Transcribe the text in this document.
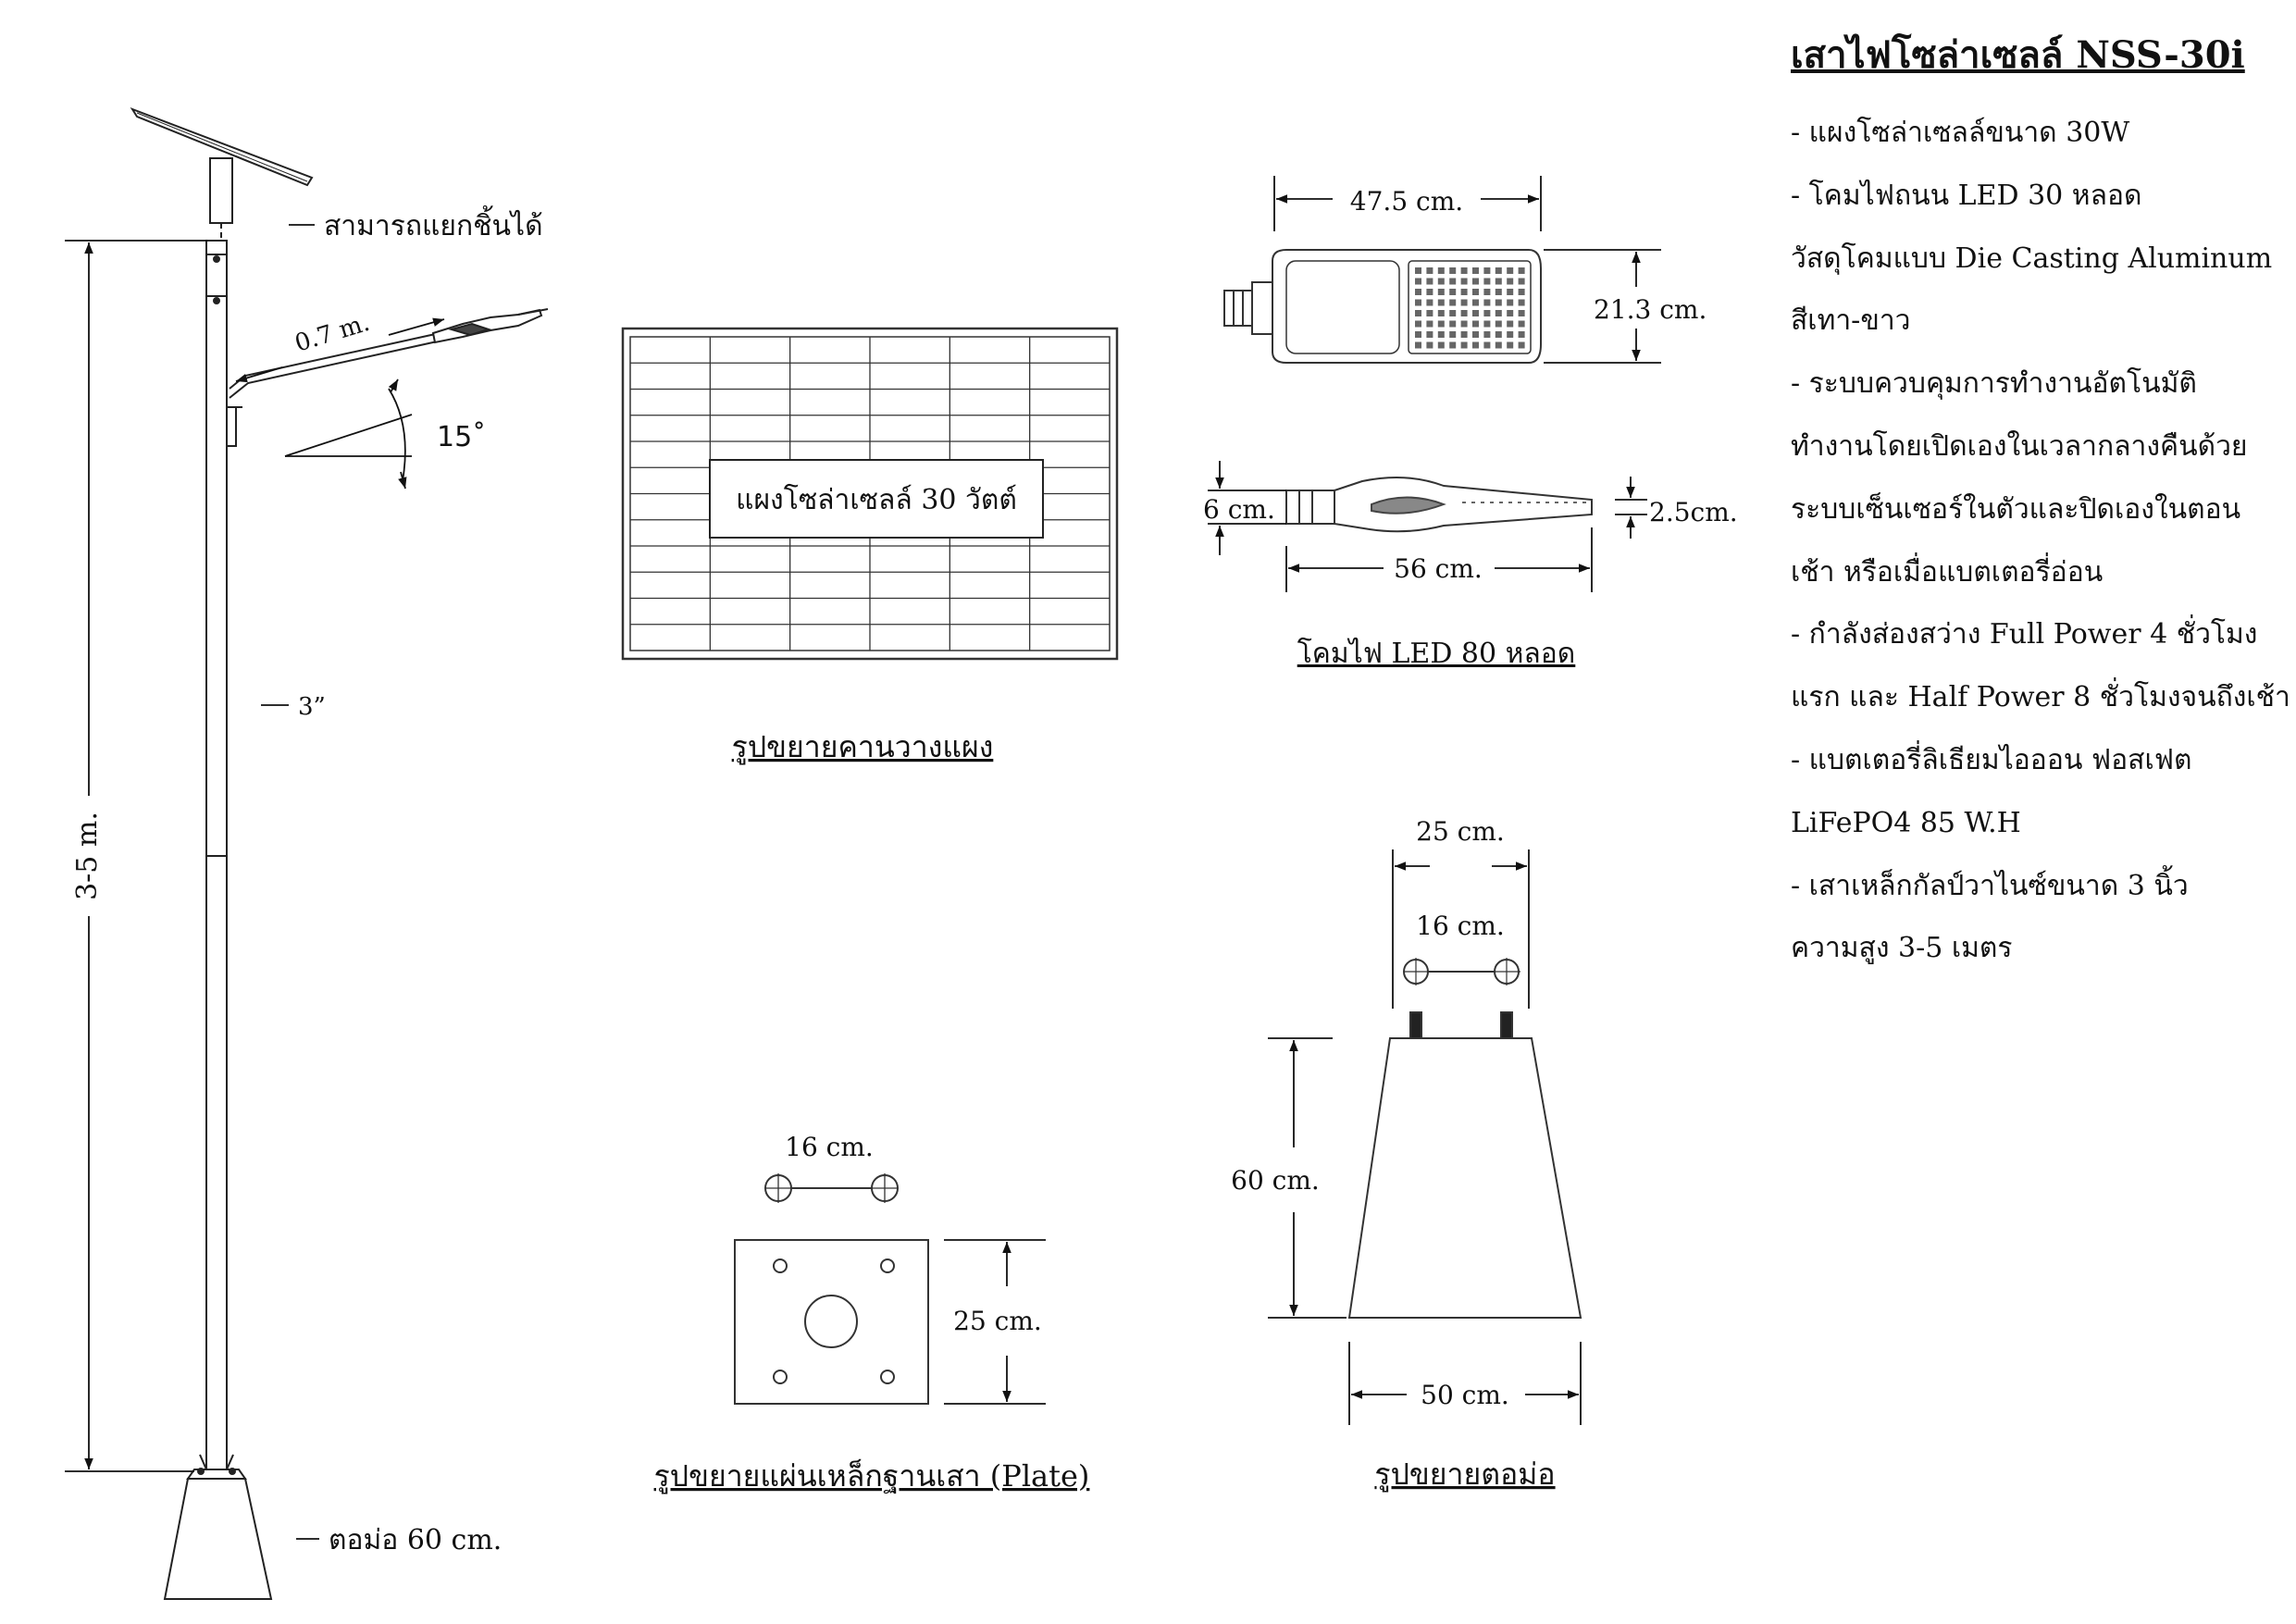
สามารถแยกชิ้นได้
0.7 m.
15˚
3”
3-5 m.
ตอม่อ 60 cm.
แผงโซล่าเซลล์ 30 วัตต์
รูปขยายคานวางแผง
47.5 cm.
21.3 cm.
6 cm.	2.5cm.
56 cm.
โคมไฟ LED 80 หลอด
16 cm.
25 cm.
รูปขยายแผ่นเหล็กฐานเสา (Plate)
25 cm.
16 cm.
60 cm.
50 cm.
รูปขยายตอม่อ
เสาไฟโซล่าเซลล์ NSS-30i
- แผงโซล่าเซลล์ขนาด 30W
- โคมไฟถนน LED 30 หลอด
วัสดุโคมแบบ Die Casting Aluminum
สีเทา-ขาว
- ระบบควบคุมการทำงานอัตโนมัติ
ทำงานโดยเปิดเองในเวลากลางคืนด้วย
ระบบเซ็นเซอร์ในตัวและปิดเองในตอน
เช้า หรือเมื่อแบตเตอรี่อ่อน
- กำลังส่องสว่าง Full Power 4 ชั่วโมง
แรก และ Half Power 8 ชั่วโมงจนถึงเช้า
- แบตเตอรี่ลิเธียมไอออน ฟอสเฟต
LiFePO4 85 W.H
- เสาเหล็กกัลป์วาไนซ์ขนาด 3 นิ้ว
ความสูง 3-5 เมตร
